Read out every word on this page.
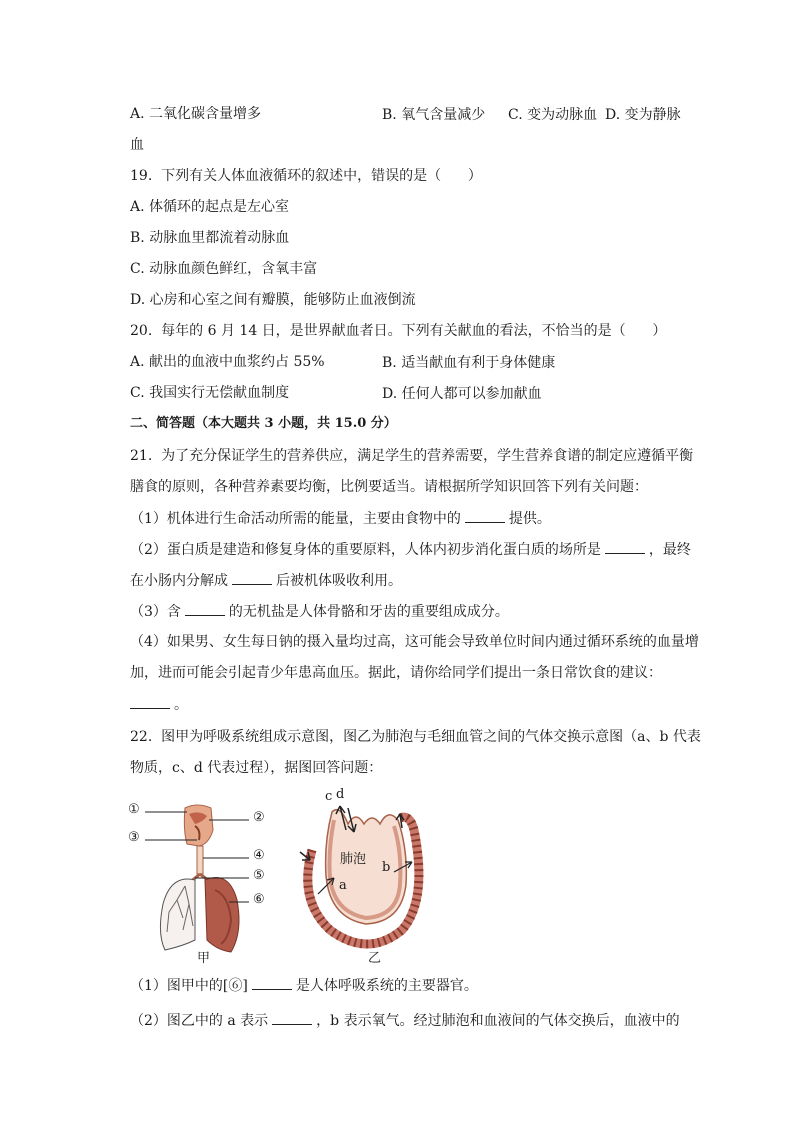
A. 二氧化碳含量增多	B. 氧气含量减少 C. 变为动脉血 D. 变为静脉
血
19.  下列有关人体血液循环的叙述中，错误的是（      ）
A. 体循环的起点是左心室
B. 动脉血里都流着动脉血
C. 动脉血颜色鲜红，含氧丰富
D. 心房和心室之间有瓣膜，能够防止血液倒流
20.  每年的 6 月 14 日，是世界献血者日。下列有关献血的看法，不恰当的是（      ）
A. 献出的血液中血浆约占 55%	B. 适当献血有利于身体健康
C. 我国实行无偿献血制度	D. 任何人都可以参加献血
二、简答题（本大题共 3 小题，共 15.0 分）
21.  为了充分保证学生的营养供应，满足学生的营养需要，学生营养食谱的制定应遵循平衡
膳食的原则，各种营养素要均衡，比例要适当。请根据所学知识回答下列有关问题：
（1）机体进行生命活动所需的能量，主要由食物中的	提供。
（2）蛋白质是建造和修复身体的重要原料，人体内初步消化蛋白质的场所是	，最终
在小肠内分解成	后被机体吸收利用。
（3）含	的无机盐是人体骨骼和牙齿的重要组成成分。
（4）如果男、女生每日钠的摄入量均过高，这可能会导致单位时间内通过循环系统的血量增
加，进而可能会引起青少年患高血压。据此，请你给同学们提出一条日常饮食的建议：
。
22.  图甲为呼吸系统组成示意图，图乙为肺泡与毛细血管之间的气体交换示意图（a、b 代表
物质，c、d 代表过程），据图回答问题：
①
②
③
④
⑤
⑥
甲
c d
肺泡
a
b
乙
（1）图甲中的[⑥]	是人体呼吸系统的主要器官。
（2）图乙中的 a 表示	，b 表示氧气。经过肺泡和血液间的气体交换后，血液中的
